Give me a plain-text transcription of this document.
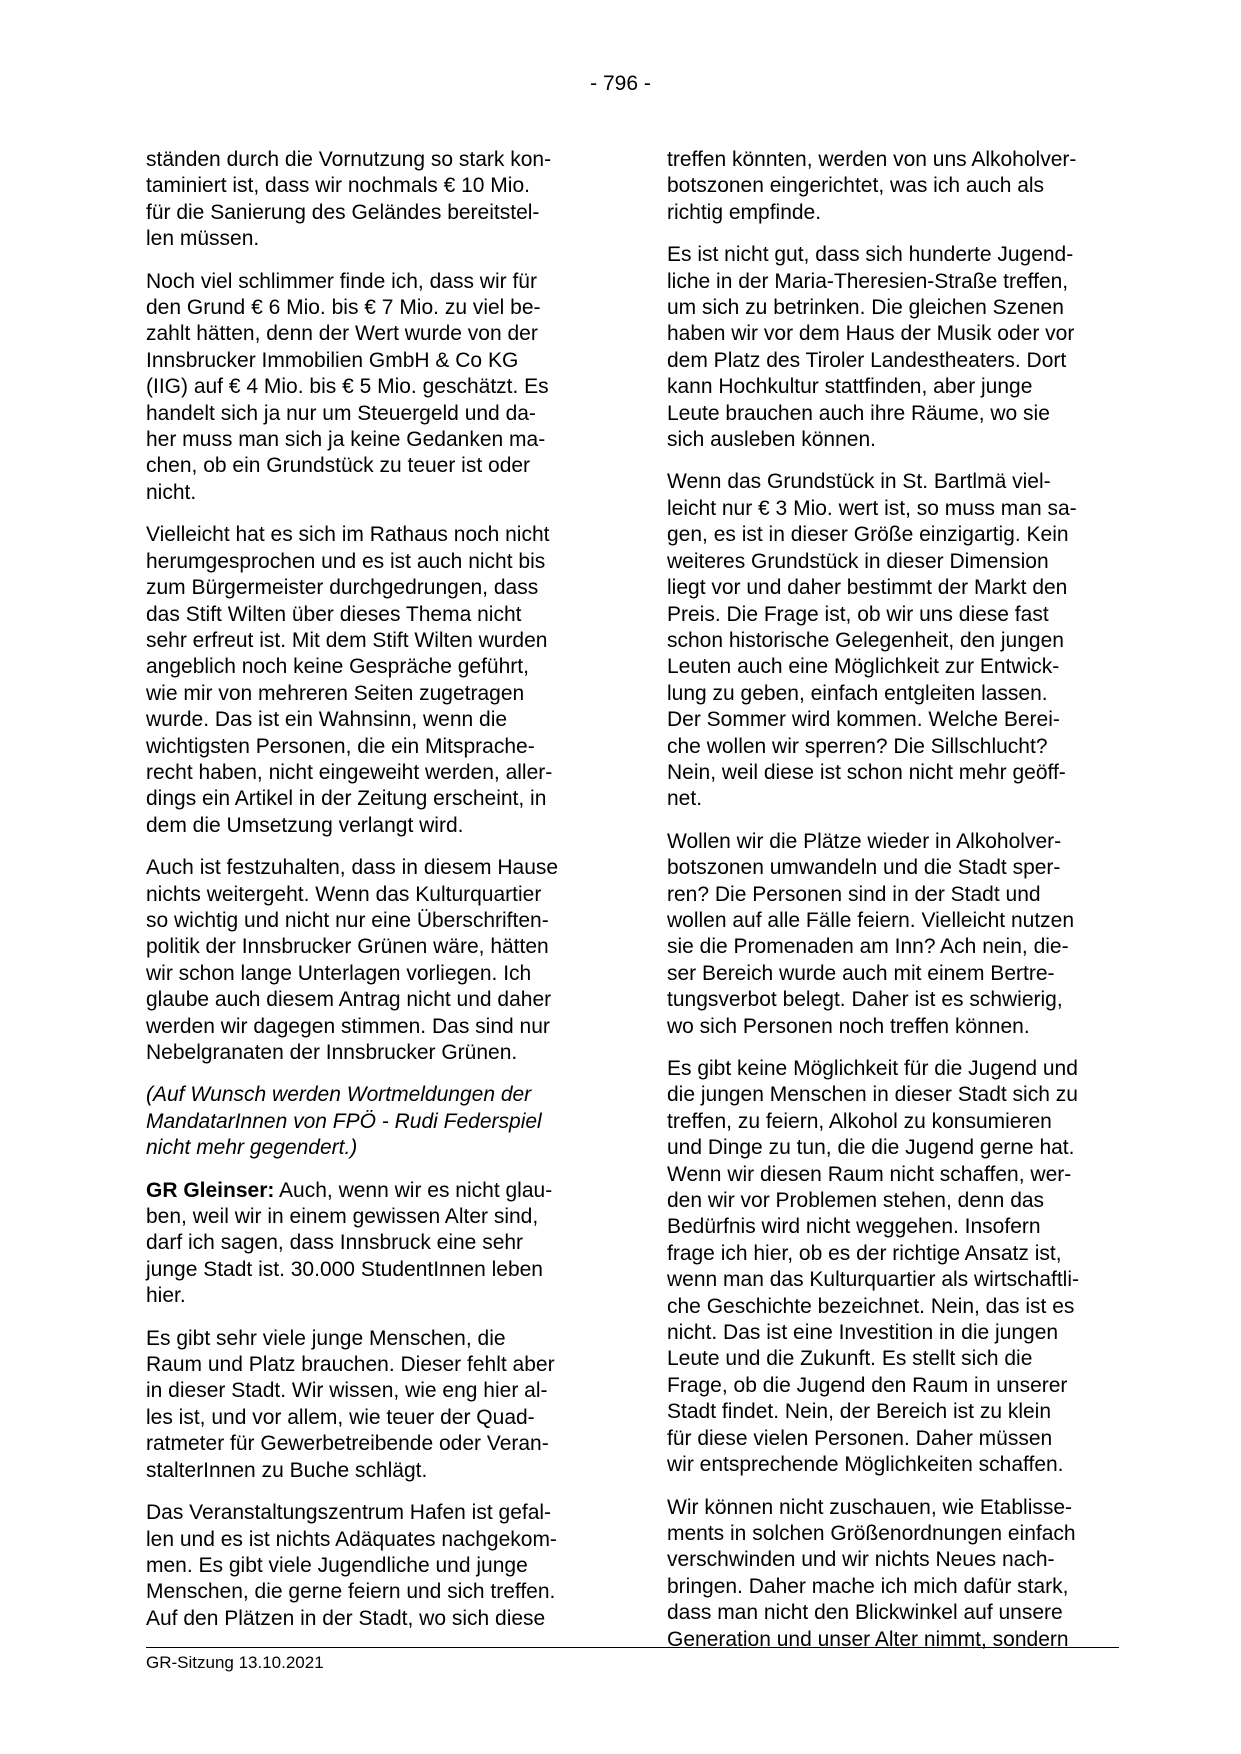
- 796 -

ständen durch die Vornutzung so stark kon-
taminiert ist, dass wir nochmals € 10 Mio.
für die Sanierung des Geländes bereitstel-
len müssen.

Noch viel schlimmer finde ich, dass wir für
den Grund € 6 Mio. bis € 7 Mio. zu viel be-
zahlt hätten, denn der Wert wurde von der
Innsbrucker Immobilien GmbH & Co KG
(IIG) auf € 4 Mio. bis € 5 Mio. geschätzt. Es
handelt sich ja nur um Steuergeld und da-
her muss man sich ja keine Gedanken ma-
chen, ob ein Grundstück zu teuer ist oder
nicht.

Vielleicht hat es sich im Rathaus noch nicht
herumgesprochen und es ist auch nicht bis
zum Bürgermeister durchgedrungen, dass
das Stift Wilten über dieses Thema nicht
sehr erfreut ist. Mit dem Stift Wilten wurden
angeblich noch keine Gespräche geführt,
wie mir von mehreren Seiten zugetragen
wurde. Das ist ein Wahnsinn, wenn die
wichtigsten Personen, die ein Mitsprache-
recht haben, nicht eingeweiht werden, aller-
dings ein Artikel in der Zeitung erscheint, in
dem die Umsetzung verlangt wird.

Auch ist festzuhalten, dass in diesem Hause
nichts weitergeht. Wenn das Kulturquartier
so wichtig und nicht nur eine Überschriften-
politik der Innsbrucker Grünen wäre, hätten
wir schon lange Unterlagen vorliegen. Ich
glaube auch diesem Antrag nicht und daher
werden wir dagegen stimmen. Das sind nur
Nebelgranaten der Innsbrucker Grünen.

(Auf Wunsch werden Wortmeldungen der
MandatarInnen von FPÖ - Rudi Federspiel
nicht mehr gegendert.)

GR Gleinser: Auch, wenn wir es nicht glau-
ben, weil wir in einem gewissen Alter sind,
darf ich sagen, dass Innsbruck eine sehr
junge Stadt ist. 30.000 StudentInnen leben
hier.

Es gibt sehr viele junge Menschen, die
Raum und Platz brauchen. Dieser fehlt aber
in dieser Stadt. Wir wissen, wie eng hier al-
les ist, und vor allem, wie teuer der Quad-
ratmeter für Gewerbetreibende oder Veran-
stalterInnen zu Buche schlägt.

Das Veranstaltungszentrum Hafen ist gefal-
len und es ist nichts Adäquates nachgekom-
men. Es gibt viele Jugendliche und junge
Menschen, die gerne feiern und sich treffen.
Auf den Plätzen in der Stadt, wo sich diese

treffen könnten, werden von uns Alkoholver-
botszonen eingerichtet, was ich auch als
richtig empfinde.

Es ist nicht gut, dass sich hunderte Jugend-
liche in der Maria-Theresien-Straße treffen,
um sich zu betrinken. Die gleichen Szenen
haben wir vor dem Haus der Musik oder vor
dem Platz des Tiroler Landestheaters. Dort
kann Hochkultur stattfinden, aber junge
Leute brauchen auch ihre Räume, wo sie
sich ausleben können.

Wenn das Grundstück in St. Bartlmä viel-
leicht nur € 3 Mio. wert ist, so muss man sa-
gen, es ist in dieser Größe einzigartig. Kein
weiteres Grundstück in dieser Dimension
liegt vor und daher bestimmt der Markt den
Preis. Die Frage ist, ob wir uns diese fast
schon historische Gelegenheit, den jungen
Leuten auch eine Möglichkeit zur Entwick-
lung zu geben, einfach entgleiten lassen.
Der Sommer wird kommen. Welche Berei-
che wollen wir sperren? Die Sillschlucht?
Nein, weil diese ist schon nicht mehr geöff-
net.

Wollen wir die Plätze wieder in Alkoholver-
botszonen umwandeln und die Stadt sper-
ren? Die Personen sind in der Stadt und
wollen auf alle Fälle feiern. Vielleicht nutzen
sie die Promenaden am Inn? Ach nein, die-
ser Bereich wurde auch mit einem Bertre-
tungsverbot belegt. Daher ist es schwierig,
wo sich Personen noch treffen können.

Es gibt keine Möglichkeit für die Jugend und
die jungen Menschen in dieser Stadt sich zu
treffen, zu feiern, Alkohol zu konsumieren
und Dinge zu tun, die die Jugend gerne hat.
Wenn wir diesen Raum nicht schaffen, wer-
den wir vor Problemen stehen, denn das
Bedürfnis wird nicht weggehen. Insofern
frage ich hier, ob es der richtige Ansatz ist,
wenn man das Kulturquartier als wirtschaftli-
che Geschichte bezeichnet. Nein, das ist es
nicht. Das ist eine Investition in die jungen
Leute und die Zukunft. Es stellt sich die
Frage, ob die Jugend den Raum in unserer
Stadt findet. Nein, der Bereich ist zu klein
für diese vielen Personen. Daher müssen
wir entsprechende Möglichkeiten schaffen.

Wir können nicht zuschauen, wie Etablisse-
ments in solchen Größenordnungen einfach
verschwinden und wir nichts Neues nach-
bringen. Daher mache ich mich dafür stark,
dass man nicht den Blickwinkel auf unsere
Generation und unser Alter nimmt, sondern

GR-Sitzung 13.10.2021
